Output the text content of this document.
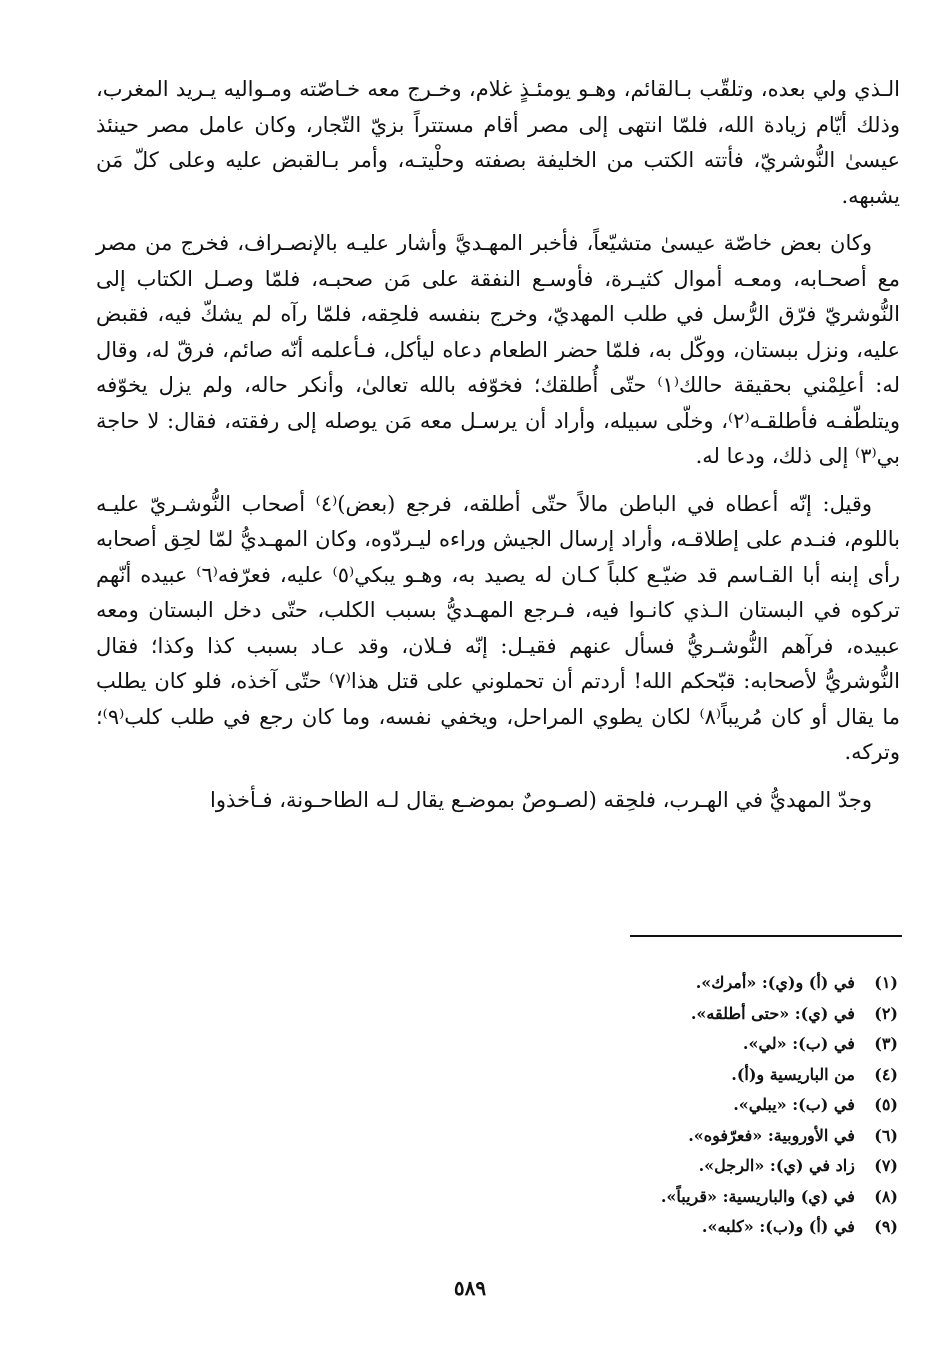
الـذي ولي بعده، وتلقّب بـالقائم، وهـو يومئـذٍ غلام، وخـرج معه خـاصّته ومـواليه يـريد المغرب، وذلك أيّام زيادة الله، فلمّا انتهى إلى مصر أقام مستتراً بزيّ التّجار، وكان عامل مصر حينئذ عيسىٰ النُّوشريّ، فأتته الكتب من الخليفة بصفته وحلْيتـه، وأمر بـالقبض عليه وعلى كلّ مَن يشبهه.

وكان بعض خاصّة عيسىٰ متشيّعاً، فأخبر المهـديَّ وأشار عليـه بالإنصـراف، فخرج من مصر مع أصحـابه، ومعـه أموال كثيـرة، فأوسـع النفقة على مَن صحبـه، فلمّا وصـل الكتاب إلى النُّوشريّ فرّق الرُّسل في طلب المهديّ، وخرج بنفسه فلحِقه، فلمّا رآه لم يشكّ فيه، فقبض عليه، ونزل ببستان، ووكّل به، فلمّا حضر الطعام دعاه ليأكل، فـأعلمه أنّه صائم، فرقّ له، وقال له: أعلِمْني بحقيقة حالك⁽١⁾ حتّى أُطلقك؛ فخوّفه بالله تعالىٰ، وأنكر حاله، ولم يزل يخوّفه ويتلطّفـه فأطلقـه⁽٢⁾، وخلّى سبيله، وأراد أن يرسـل معه مَن يوصله إلى رفقته، فقال: لا حاجة بي⁽٣⁾ إلى ذلك، ودعا له.

وقيل: إنّه أعطاه في الباطن مالاً حتّى أطلقه، فرجع (بعض)⁽٤⁾ أصحاب النُّوشـريّ عليـه باللوم، فنـدم على إطلاقـه، وأراد إرسال الجيش وراءه ليـردّوه، وكان المهـديُّ لمّا لحِق أصحابه رأى إبنه أبا القـاسم قد ضيّـع كلباً كـان له يصيد به، وهـو يبكي⁽٥⁾ عليه، فعرّفه⁽٦⁾ عبيده أنّهم تركوه في البستان الـذي كانـوا فيه، فـرجع المهـديُّ بسبب الكلب، حتّى دخل البستان ومعه عبيده، فرآهم النُّوشـريُّ فسأل عنهم فقيـل: إنّه فـلان، وقد عـاد بسبب كذا وكذا؛ فقال النُّوشريُّ لأصحابه: قبّحكم الله! أردتم أن تحملوني على قتل هذا⁽٧⁾ حتّى آخذه، فلو كان يطلب ما يقال أو كان مُريباً⁽٨⁾ لكان يطوي المراحل، ويخفي نفسه، وما كان رجع في طلب كلب⁽٩⁾؛ وتركه.

وجدّ المهديُّ في الهـرب، فلحِقه (لصـوصٌ بموضـع يقال لـه الطاحـونة، فـأخذوا

(١) في (أ) و(ي): «أمرك».
(٢) في (ي): «حتى أطلقه».
(٣) في (ب): «لي».
(٤) من الباريسية و(أ).
(٥) في (ب): «يبلي».
(٦) في الأوروبية: «فعرّفوه».
(٧) زاد في (ي): «الرجل».
(٨) في (ي) والباريسية: «قريباً».
(٩) في (أ) و(ب): «كلبه».
٥٨٩
